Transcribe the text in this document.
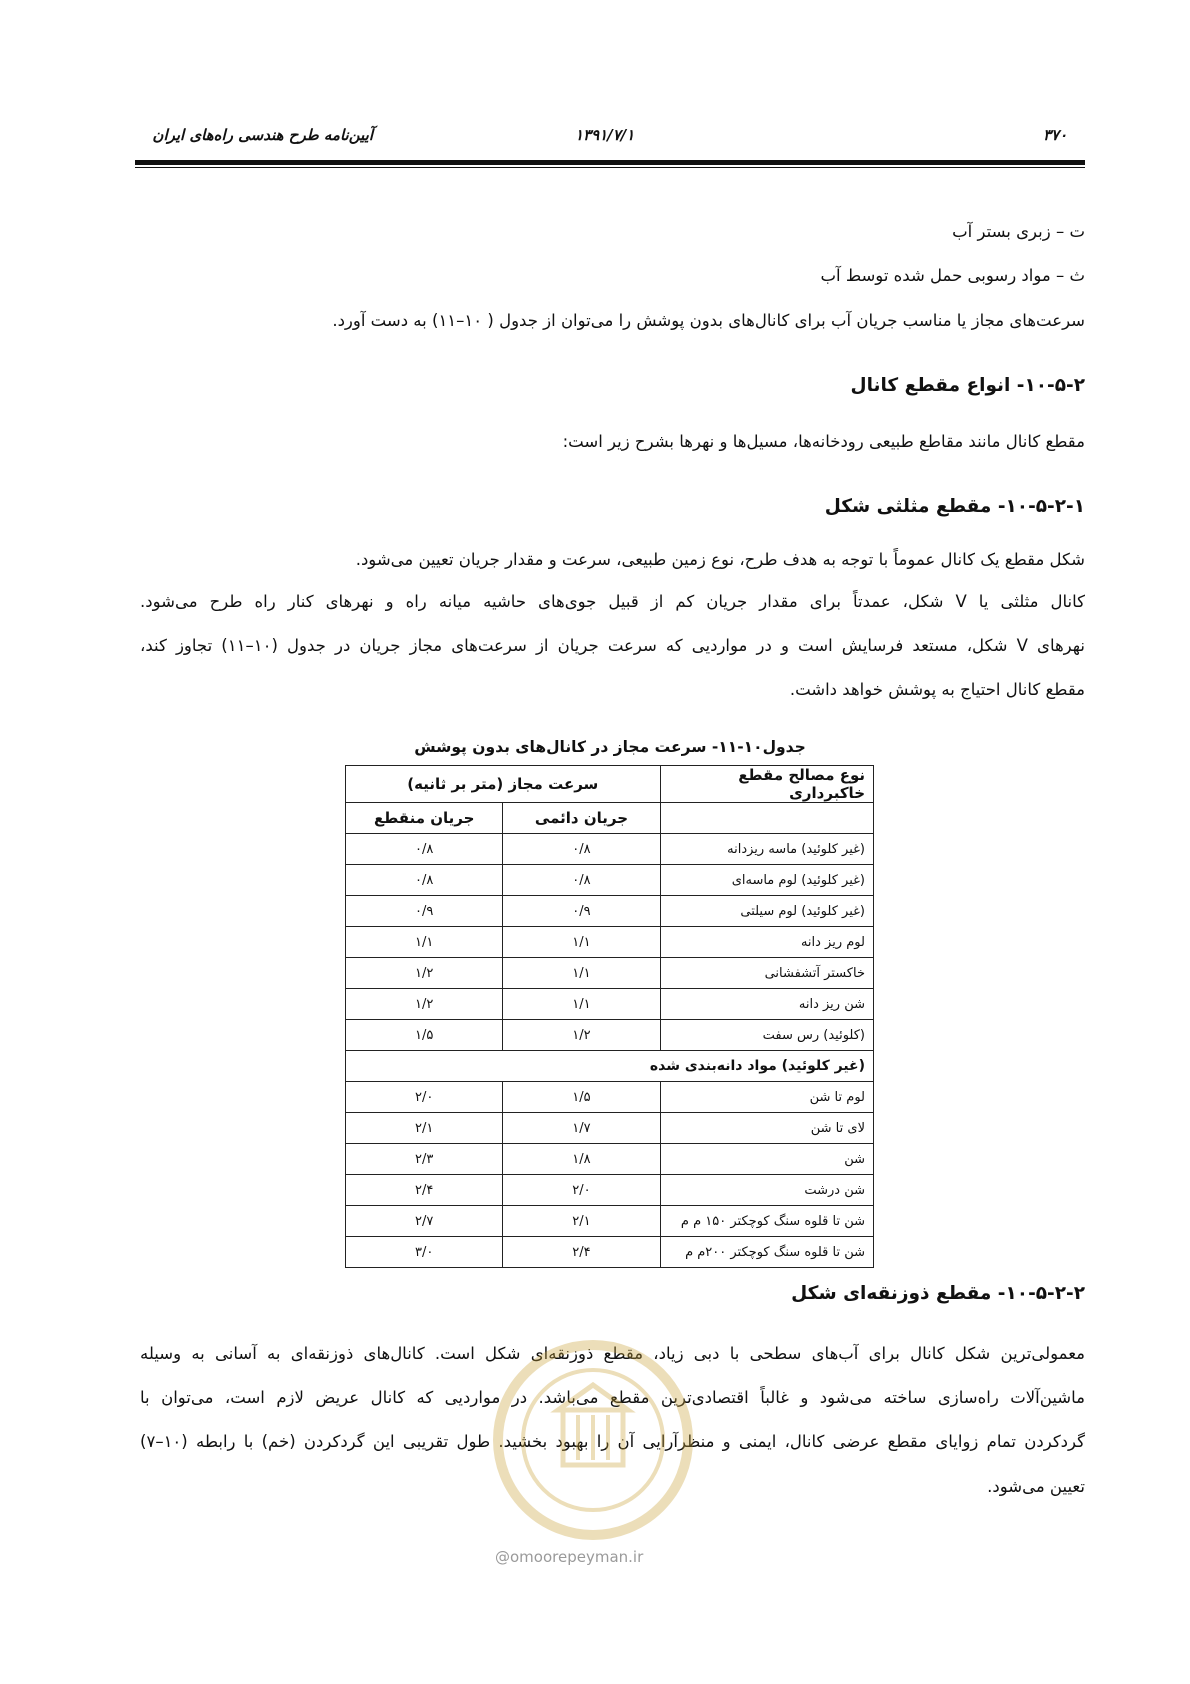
آیین‌نامه طرح هندسی راه‌های ایران	۱۳۹۱/۷/۱	۳۷۰
ت – زبری بستر آب
ث – مواد رسوبی حمل شده توسط آب
سرعت‌های مجاز یا مناسب جریان آب برای کانال‌های بدون پوشش را می‌توان از جدول ( ۱۰–۱۱) به دست آورد.
۱۰-۵-۲- انواع مقطع کانال
مقطع کانال مانند مقاطع طبیعی رودخانه‌ها، مسیل‌ها و نهرها بشرح زیر است:
۱۰-۵-۲-۱- مقطع مثلثی شکل
شکل مقطع یک کانال عموماً با توجه به هدف طرح، نوع زمین طبیعی، سرعت و مقدار جریان تعیین می‌شود.
کانال مثلثی یا V شکل، عمدتاً برای مقدار جریان کم از قبیل جوی‌های حاشیه میانه راه و نهرهای کنار راه طرح می‌شود.
نهرهای V شکل، مستعد فرسایش است و در مواردیی که سرعت جریان از سرعت‌های مجاز جریان در جدول (۱۰–۱۱) تجاوز کند،
مقطع کانال احتیاج به پوشش خواهد داشت.
جدول۱۰-۱۱- سرعت مجاز در کانال‌های بدون پوشش
نوع مصالح مقطع خاکبرداری	سرعت مجاز (متر بر ثانیه)	
	جریان دائمی	جریان منقطع
(غیر کلوئید) ماسه ریزدانه	۰/۸	۰/۸
(غیر کلوئید) لوم ماسه‌ای	۰/۸	۰/۸
(غیر کلوئید) لوم سیلتی	۰/۹	۰/۹
لوم ریز دانه	۱/۱	۱/۱
خاکستر آتشفشانی	۱/۱	۱/۲
شن ریز دانه	۱/۱	۱/۲
(کلوئید) رس سفت	۱/۲	۱/۵
(غیر کلوئید) مواد دانه‌بندی شده		
لوم تا شن	۱/۵	۲/۰
لای تا شن	۱/۷	۲/۱
شن	۱/۸	۲/۳
شن درشت	۲/۰	۲/۴
شن تا قلوه سنگ کوچکتر ۱۵۰ م م	۲/۱	۲/۷
شن تا قلوه سنگ کوچکتر ۲۰۰م م	۲/۴	۳/۰
۱۰-۵-۲-۲- مقطع ذوزنقه‌ای شکل
معمولی‌ترین شکل کانال برای آب‌های سطحی با دبی زیاد، مقطع ذوزنقه‌ای شکل است. کانال‌های ذوزنقه‌ای به آسانی به وسیله
ماشین‌آلات راه‌سازی ساخته می‌شود و غالباً اقتصادی‌ترین مقطع می‌باشد. در مواردیی که کانال عریض لازم است، می‌توان با
گردکردن تمام زوایای مقطع عرضی کانال، ایمنی و منظرآرایی آن را بهبود بخشید. طول تقریبی این گردکردن (خم) با رابطه (۱۰–۷)
تعیین می‌شود.
@omoorepeyman.ir
